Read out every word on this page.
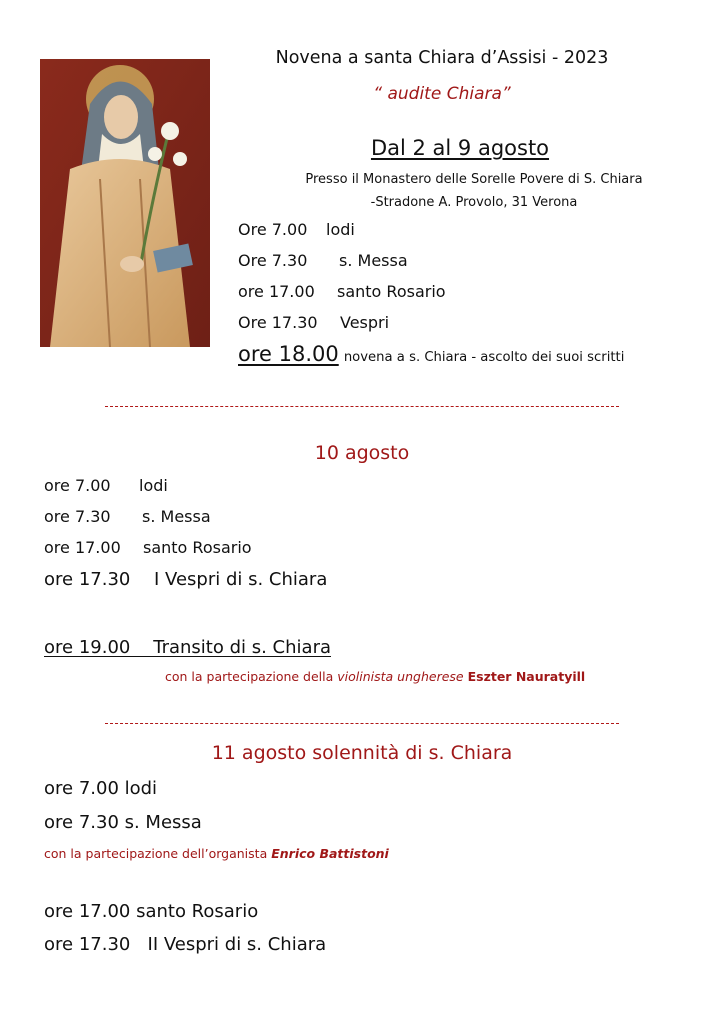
Novena a santa Chiara d’Assisi - 2023
“ audite Chiara”
Dal 2 al 9 agosto
Presso il Monastero delle Sorelle Povere di S. Chiara
-Stradone A. Provolo, 31 Verona
Ore 7.00 lodi
Ore 7.30 s. Messa
ore 17.00 santo Rosario
Ore 17.30 Vespri
ore 18.00 novena a s. Chiara - ascolto dei suoi scritti
10 agosto
ore 7.00 lodi
ore 7.30 s. Messa
ore 17.00 santo Rosario
ore 17.30 I Vespri di s. Chiara
ore 19.00    Transito di s. Chiara
con la partecipazione della violinista ungherese Eszter Nauratyill
11 agosto solennità di s. Chiara
ore 7.00 lodi
ore 7.30 s. Messa
con la partecipazione dell’organista Enrico Battistoni
ore 17.00 santo Rosario
ore 17.30   II Vespri di s. Chiara
